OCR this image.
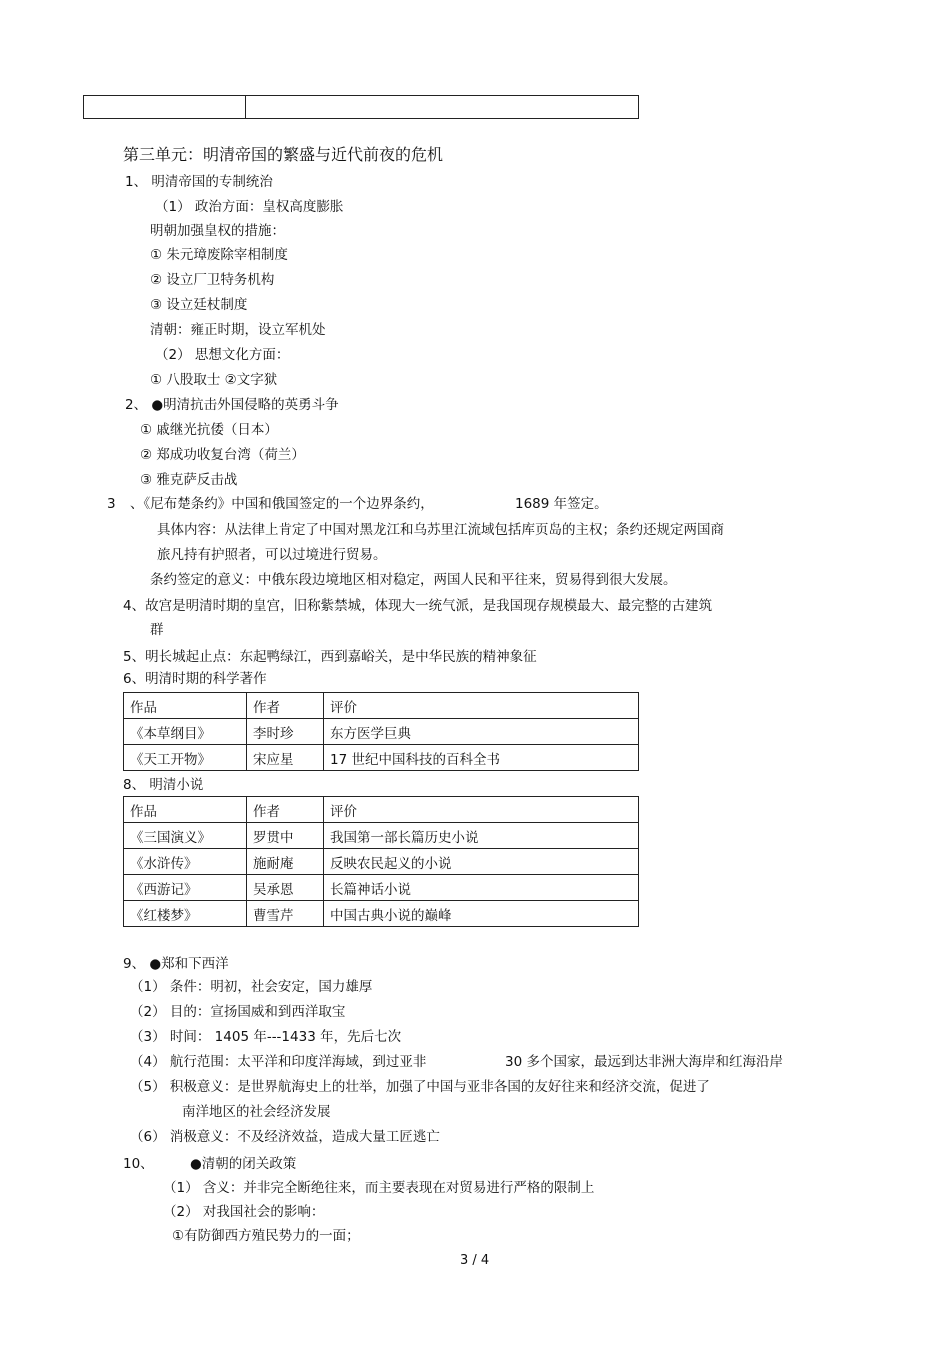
第三单元：明清帝国的繁盛与近代前夜的危机
1、 明清帝国的专制统治
（1） 政治方面：皇权高度膨胀
明朝加强皇权的措施：
① 朱元璋废除宰相制度
② 设立厂卫特务机构
③ 设立廷杖制度
清朝：雍正时期，设立军机处
（2） 思想文化方面：
① 八股取士 ②文字狱
2、 ●明清抗击外国侵略的英勇斗争
① 戚继光抗倭（日本）
② 郑成功收复台湾（荷兰）
③ 雅克萨反击战
3 、《尼布楚条约》中国和俄国签定的一个边界条约，	1689 年签定。
具体内容：从法律上肯定了中国对黑龙江和乌苏里江流域包括库页岛的主权；条约还规定两国商
旅凡持有护照者，可以过境进行贸易。
条约签定的意义：中俄东段边境地区相对稳定，两国人民和平往来，贸易得到很大发展。
4、故宫是明清时期的皇宫，旧称紫禁城，体现大一统气派，是我国现存规模最大、最完整的古建筑
群
5、明长城起止点：东起鸭绿江，西到嘉峪关，是中华民族的精神象征
6、明清时期的科学著作
作品	作者	评价
《本草纲目》	李时珍	东方医学巨典
《天工开物》	宋应星	17 世纪中国科技的百科全书
8、 明清小说
作品	作者	评价
《三国演义》	罗贯中	我国第一部长篇历史小说
《水浒传》	施耐庵	反映农民起义的小说
《西游记》	吴承恩	长篇神话小说
《红楼梦》	曹雪芹	中国古典小说的巅峰
9、 ●郑和下西洋
（1） 条件：明初，社会安定，国力雄厚
（2） 目的：宣扬国威和到西洋取宝
（3） 时间： 1405 年---1433 年，先后七次
（4） 航行范围：太平洋和印度洋海域，到过亚非	30 多个国家，最远到达非洲大海岸和红海沿岸
（5） 积极意义：是世界航海史上的壮举，加强了中国与亚非各国的友好往来和经济交流，促进了
南洋地区的社会经济发展
（6） 消极意义：不及经济效益，造成大量工匠逃亡
10、	●清朝的闭关政策
（1） 含义：并非完全断绝往来，而主要表现在对贸易进行严格的限制上
（2） 对我国社会的影响：
①有防御西方殖民势力的一面；
3 / 4
